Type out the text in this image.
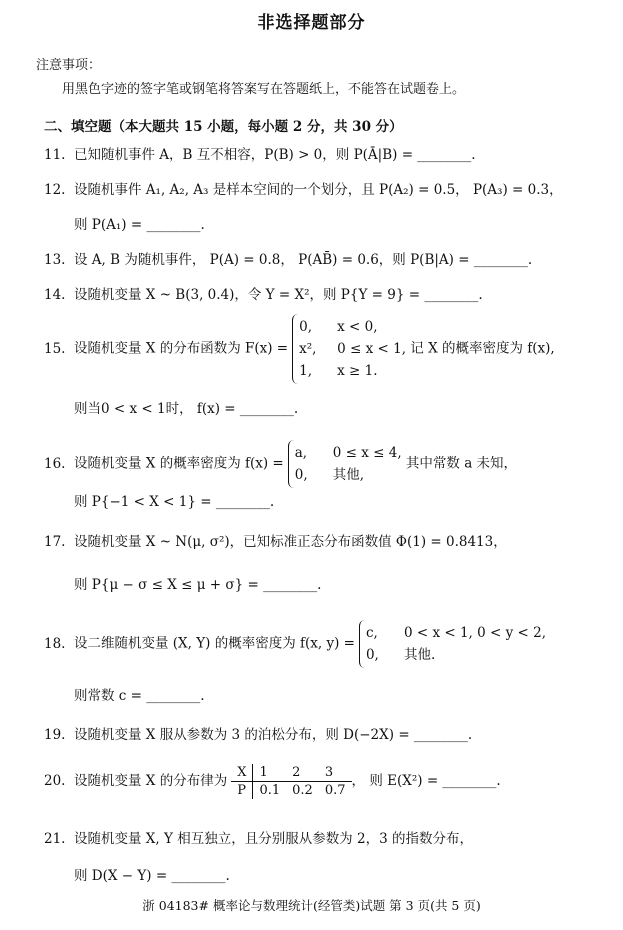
非选择题部分
注意事项：
用黑色字迹的签字笔或钢笔将答案写在答题纸上，不能答在试题卷上。
二、填空题（本大题共 15 小题，每小题 2 分，共 30 分）
11. 已知随机事件 A，B 互不相容，P(B) > 0，则 P(Ā|B) = ________.
12. 设随机事件 A₁, A₂, A₃ 是样本空间的一个划分，且 P(A₂) = 0.5， P(A₃) = 0.3，
则 P(A₁) = ________.
13. 设 A, B 为随机事件， P(A) = 0.8， P(AB̄) = 0.6，则 P(B|A) = ________.
14. 设随机变量 X ~ B(3, 0.4)，令 Y = X²，则 P{Y = 9} = ________.
15. 设随机变量 X 的分布函数为 F(x) =
0, x < 0,
x², 0 ≤ x < 1,
1, x ≥ 1.
记 X 的概率密度为 f(x),
则当0 < x < 1时， f(x) = ________.
16. 设随机变量 X 的概率密度为 f(x) =
a, 0 ≤ x ≤ 4,
0, 其他,
其中常数 a 未知，
则 P{−1 < X < 1} = ________.
17. 设随机变量 X ~ N(μ, σ²)，已知标准正态分布函数值 Φ(1) = 0.8413，
则 P{μ − σ ≤ X ≤ μ + σ} = ________.
18. 设二维随机变量 (X, Y) 的概率密度为 f(x, y) =
c, 0 < x < 1, 0 < y < 2,
0, 其他.
则常数 c = ________.
19. 设随机变量 X 服从参数为 3 的泊松分布，则 D(−2X) = ________.
20. 设随机变量 X 的分布律为X	1	2	3
P	0.1	0.2	0.7， 则 E(X²) = ________.
21. 设随机变量 X, Y 相互独立，且分别服从参数为 2，3 的指数分布，
则 D(X − Y) = ________.
浙 04183# 概率论与数理统计(经管类)试题 第 3 页(共 5 页)
